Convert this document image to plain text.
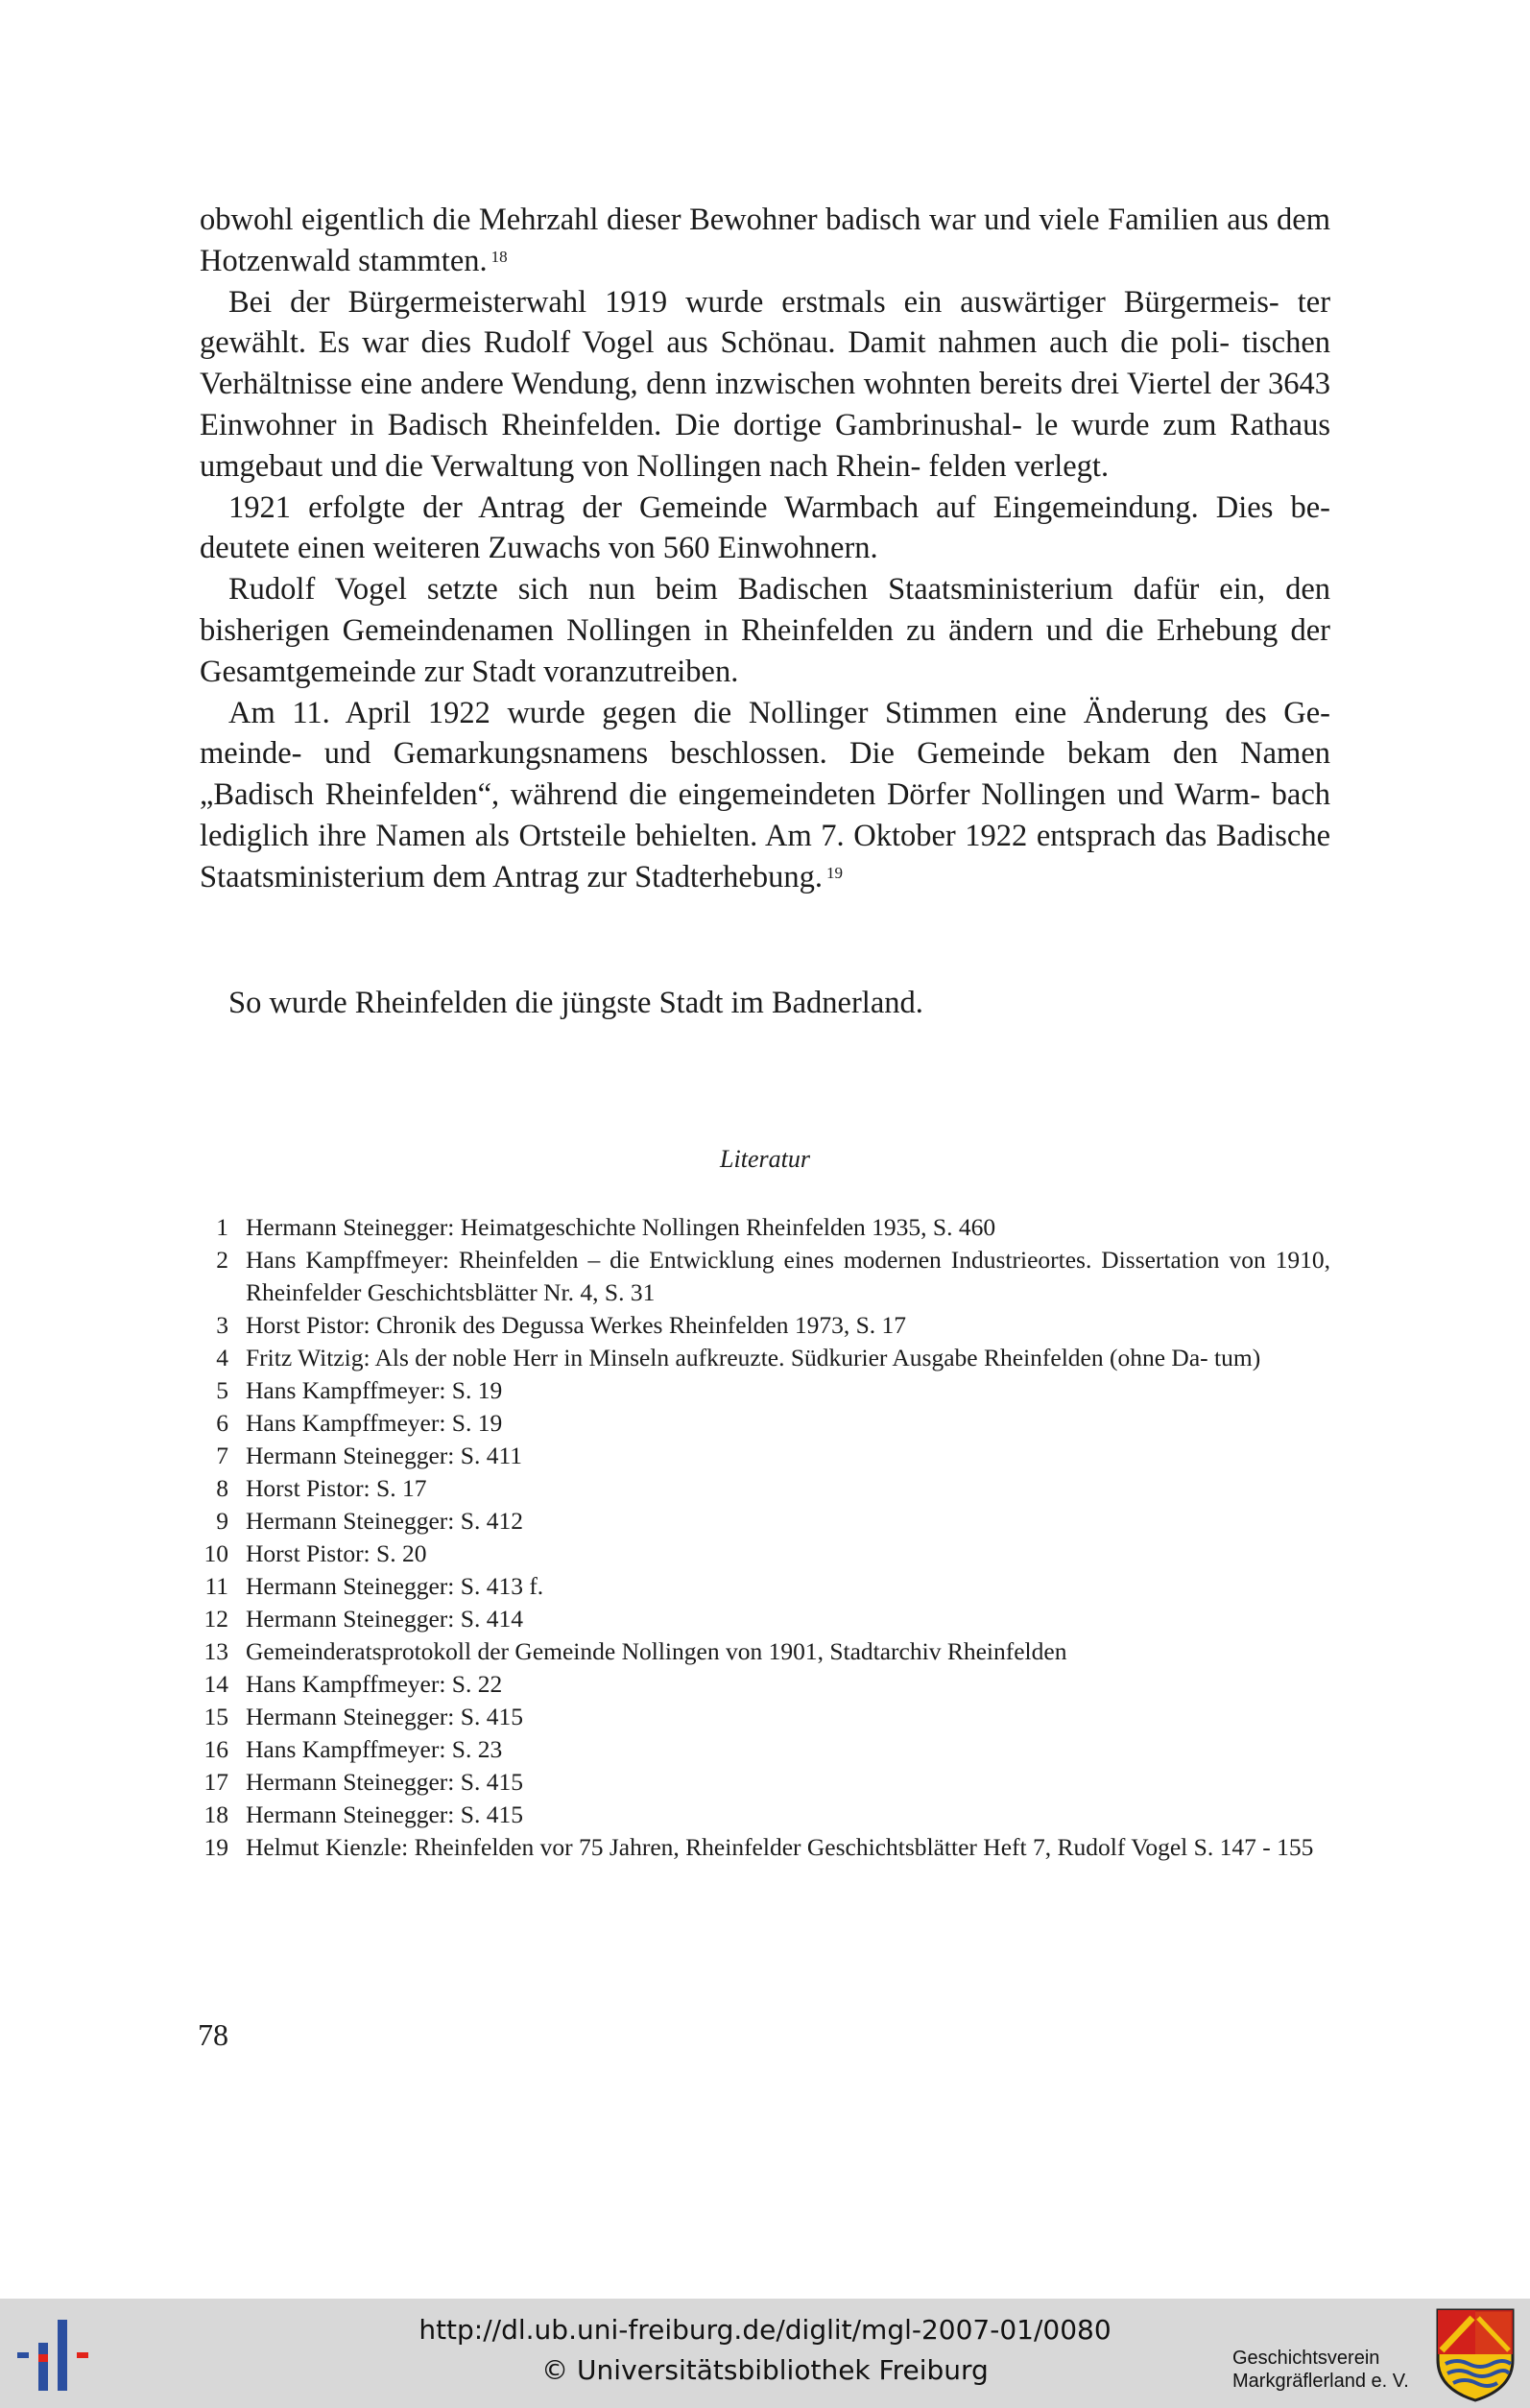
obwohl eigentlich die Mehrzahl dieser Bewohner badisch war und viele Familien aus dem Hotzenwald stammten. $^{18}$

Bei der Bürgermeisterwahl 1919 wurde erstmals ein auswärtiger Bürgermeis- ter gewählt. Es war dies Rudolf Vogel aus Schönau. Damit nahmen auch die poli- tischen Verhältnisse eine andere Wendung, denn inzwischen wohnten bereits drei Viertel der 3643 Einwohner in Badisch Rheinfelden. Die dortige Gambrinushal- le wurde zum Rathaus umgebaut und die Verwaltung von Nollingen nach Rhein- felden verlegt.

1921 erfolgte der Antrag der Gemeinde Warmbach auf Eingemeindung. Dies be- deutete einen weiteren Zuwachs von 560 Einwohnern.

Rudolf Vogel setzte sich nun beim Badischen Staatsministerium dafür ein, den bisherigen Gemeindenamen Nollingen in Rheinfelden zu ändern und die Erhebung der Gesamtgemeinde zur Stadt voranzutreiben.

Am 11. April 1922 wurde gegen die Nollinger Stimmen eine Änderung des Ge- meinde- und Gemarkungsnamens beschlossen. Die Gemeinde bekam den Namen „Badisch Rheinfelden“, während die eingemeindeten Dörfer Nollingen und Warm- bach lediglich ihre Namen als Ortsteile behielten. Am 7. Oktober 1922 entsprach das Badische Staatsministerium dem Antrag zur Stadterhebung. $^{19}$

So wurde Rheinfelden die jüngste Stadt im Badnerland.
Literatur
1 Hermann Steinegger: Heimatgeschichte Nollingen Rheinfelden 1935, S. 460
2 Hans Kampffmeyer: Rheinfelden – die Entwicklung eines modernen Industrieortes. Dissertation von 1910, Rheinfelder Geschichtsblätter Nr. 4, S. 31
3 Horst Pistor: Chronik des Degussa Werkes Rheinfelden 1973, S. 17
4 Fritz Witzig: Als der noble Herr in Minseln aufkreuzte. Südkurier Ausgabe Rheinfelden (ohne Da- tum)
5 Hans Kampffmeyer: S. 19
6 Hans Kampffmeyer: S. 19
7 Hermann Steinegger: S. 411
8 Horst Pistor: S. 17
9 Hermann Steinegger: S. 412
10 Horst Pistor: S. 20
11 Hermann Steinegger: S. 413 f.
12 Hermann Steinegger: S. 414
13 Gemeinderatsprotokoll der Gemeinde Nollingen von 1901, Stadtarchiv Rheinfelden
14 Hans Kampffmeyer: S. 22
15 Hermann Steinegger: S. 415
16 Hans Kampffmeyer: S. 23
17 Hermann Steinegger: S. 415
18 Hermann Steinegger: S. 415
19 Helmut Kienzle: Rheinfelden vor 75 Jahren, Rheinfelder Geschichtsblätter Heft 7, Rudolf Vogel S. 147 - 155
78
http://dl.ub.uni-freiburg.de/diglit/mgl-2007-01/0080
© Universitätsbibliothek Freiburg	Geschichtsverein
Markgräflerland e. V.
